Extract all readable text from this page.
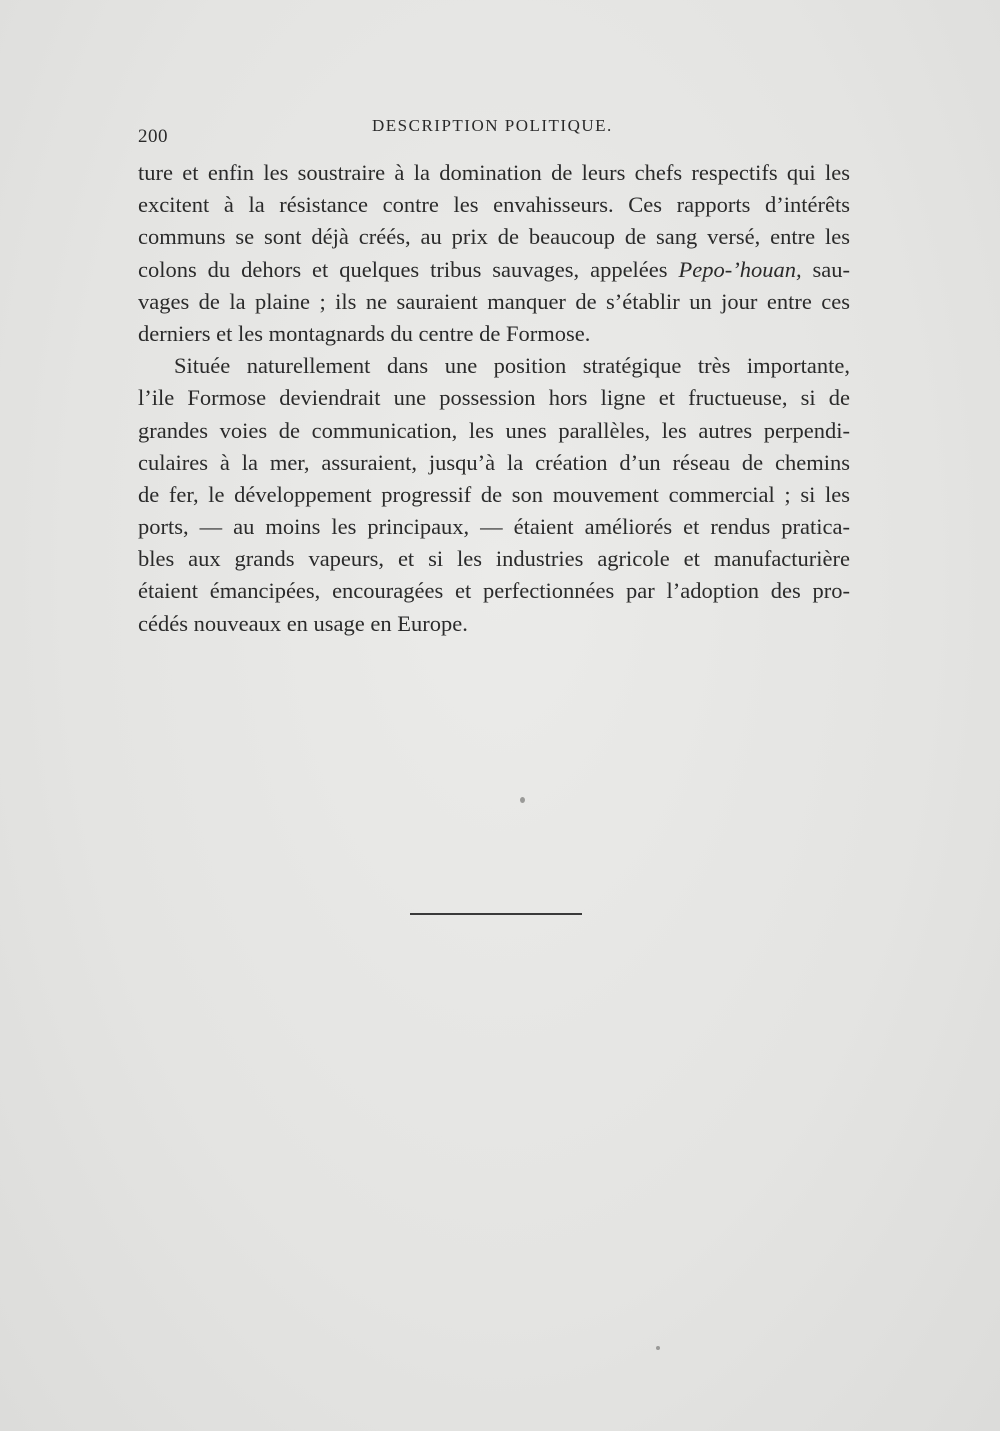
200
DESCRIPTION POLITIQUE.
ture et enfin les soustraire à la domination de leurs chefs respectifs qui les
excitent à la résistance contre les envahisseurs. Ces rapports d’intérêts
communs se sont déjà créés, au prix de beaucoup de sang versé, entre les
colons du dehors et quelques tribus sauvages, appelées Pepo-’houan, sau-
vages de la plaine ; ils ne sauraient manquer de s’établir un jour entre ces
derniers et les montagnards du centre de Formose.
Située naturellement dans une position stratégique très importante,
l’ile Formose deviendrait une possession hors ligne et fructueuse, si de
grandes voies de communication, les unes parallèles, les autres perpendi-
culaires à la mer, assuraient, jusqu’à la création d’un réseau de chemins
de fer, le développement progressif de son mouvement commercial ; si les
ports, — au moins les principaux, — étaient améliorés et rendus pratica-
bles aux grands vapeurs, et si les industries agricole et manufacturière
étaient émancipées, encouragées et perfectionnées par l’adoption des pro-
cédés nouveaux en usage en Europe.
